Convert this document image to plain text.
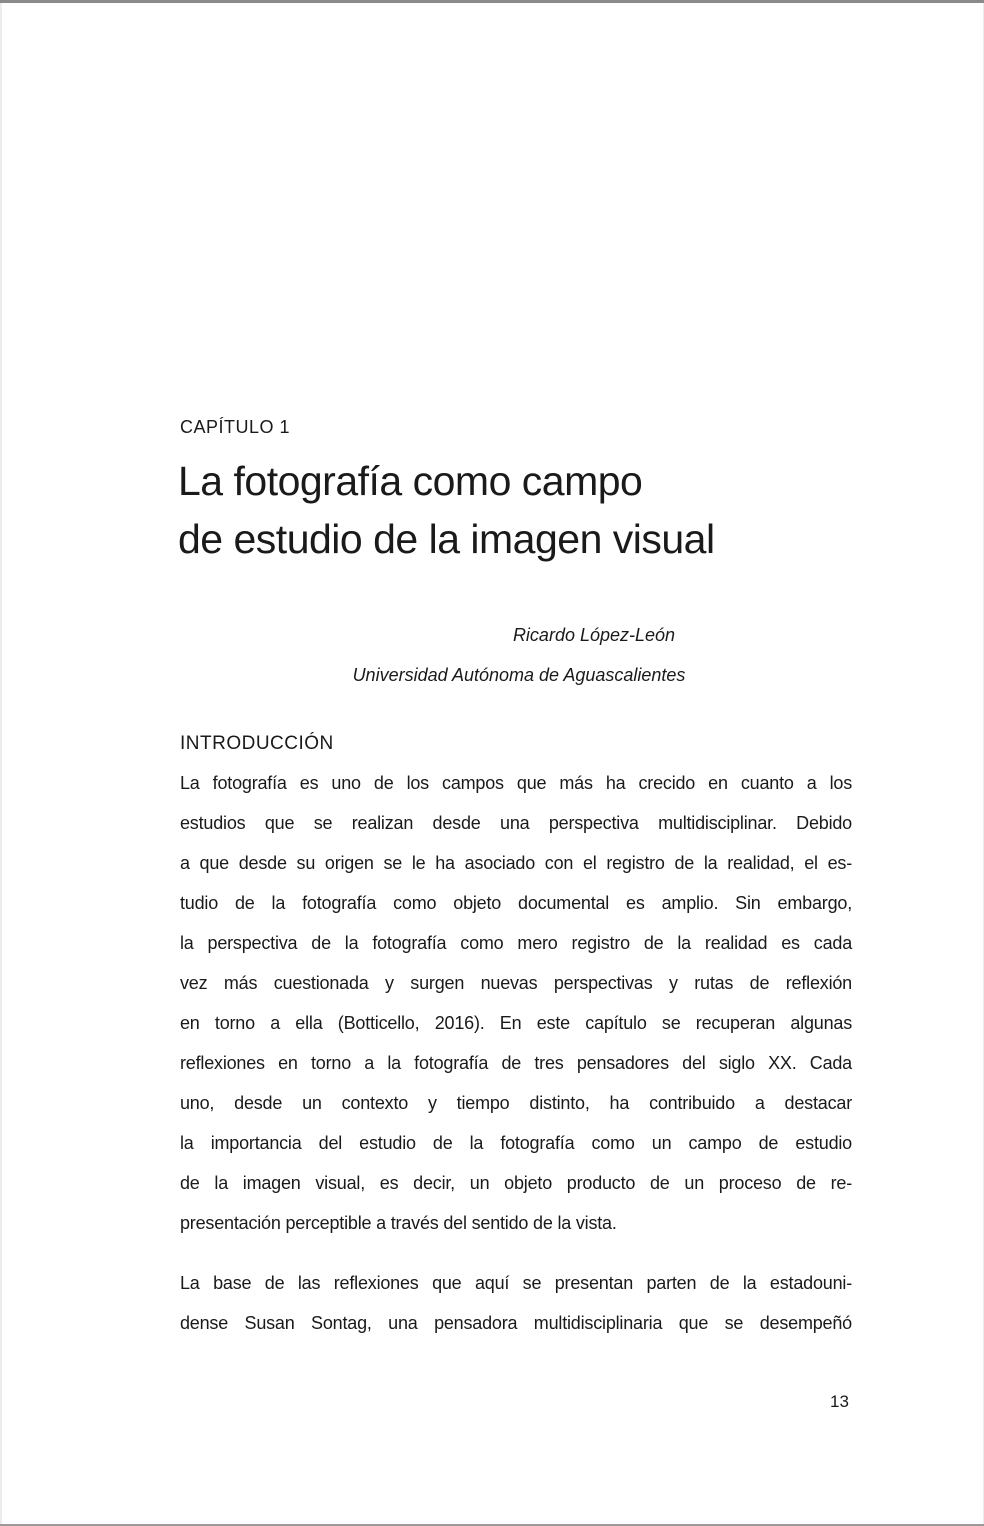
CAPÍTULO 1
La fotografía como campo
de estudio de la imagen visual
Ricardo López-León
Universidad Autónoma de Aguascalientes
INTRODUCCIÓN
La fotografía es uno de los campos que más ha crecido en cuanto a los
estudios que se realizan desde una perspectiva multidisciplinar. Debido
a que desde su origen se le ha asociado con el registro de la realidad, el es-
tudio de la fotografía como objeto documental es amplio. Sin embargo,
la perspectiva de la fotografía como mero registro de la realidad es cada
vez más cuestionada y surgen nuevas perspectivas y rutas de reflexión
en torno a ella (Botticello, 2016). En este capítulo se recuperan algunas
reflexiones en torno a la fotografía de tres pensadores del siglo XX. Cada
uno, desde un contexto y tiempo distinto, ha contribuido a destacar
la importancia del estudio de la fotografía como un campo de estudio
de la imagen visual, es decir, un objeto producto de un proceso de re-
presentación perceptible a través del sentido de la vista.
La base de las reflexiones que aquí se presentan parten de la estadouni-
dense Susan Sontag, una pensadora multidisciplinaria que se desempeñó
13
